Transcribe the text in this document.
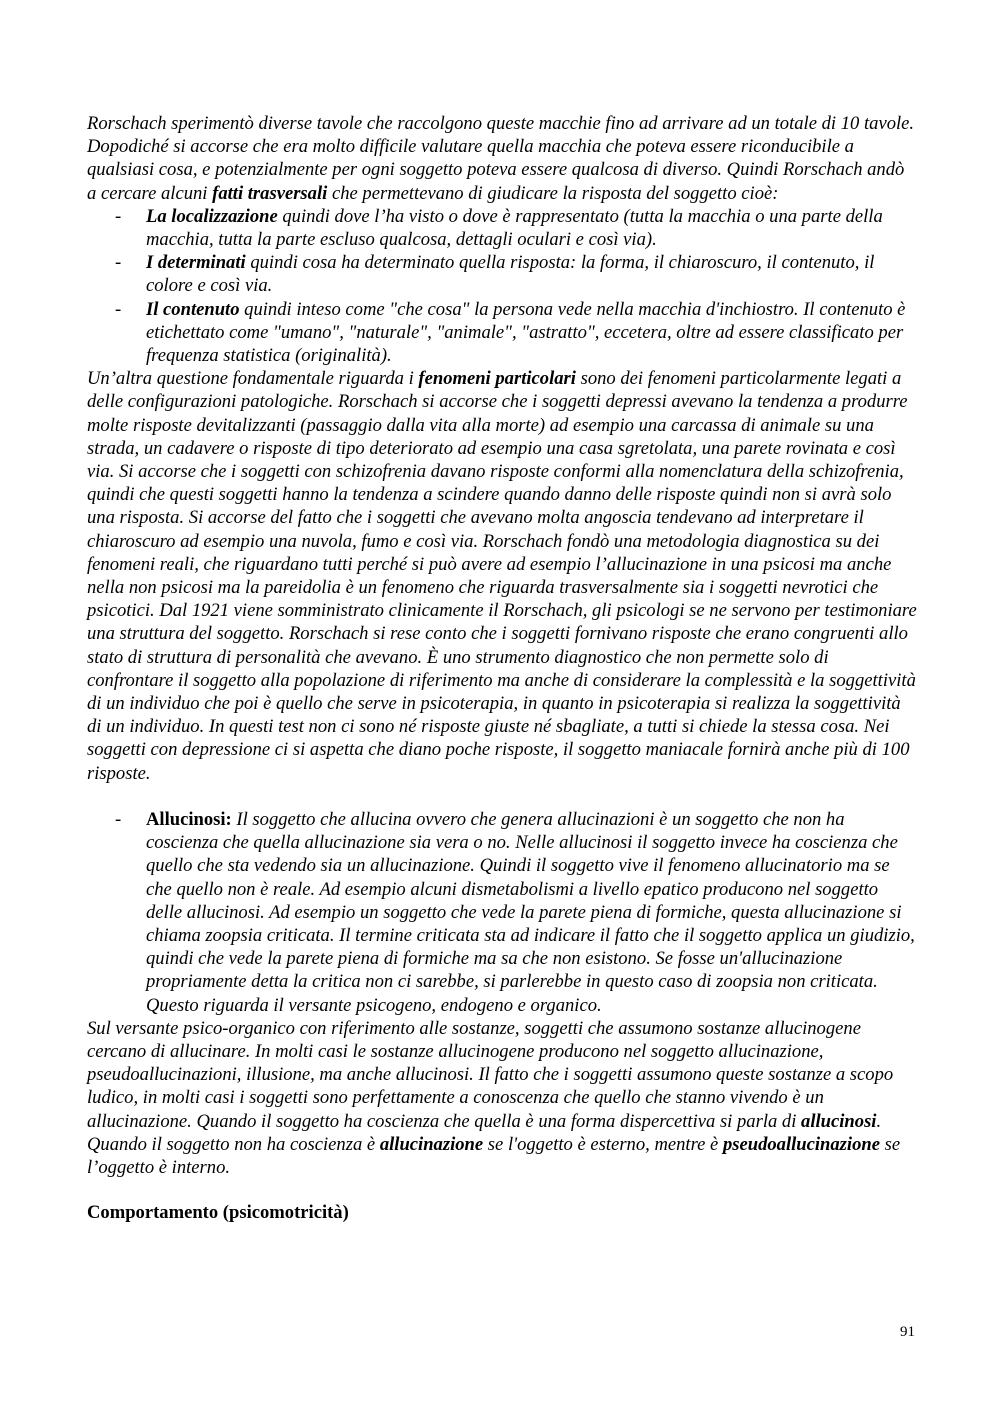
Rorschach sperimentò diverse tavole che raccolgono queste macchie fino ad arrivare ad un totale di 10 tavole. Dopodiché si accorse che era molto difficile valutare quella macchia che poteva essere riconducibile a qualsiasi cosa, e potenzialmente per ogni soggetto poteva essere qualcosa di diverso. Quindi Rorschach andò a cercare alcuni fatti trasversali che permettevano di giudicare la risposta del soggetto cioè:

- La localizzazione quindi dove l’ha visto o dove è rappresentato (tutta la macchia o una parte della macchia, tutta la parte escluso qualcosa, dettagli oculari e così via).
- I determinati quindi cosa ha determinato quella risposta: la forma, il chiaroscuro, il contenuto, il colore e così via.
- Il contenuto quindi inteso come "che cosa" la persona vede nella macchia d'inchiostro. Il contenuto è etichettato come "umano", "naturale", "animale", "astratto", eccetera, oltre ad essere classificato per frequenza statistica (originalità).

Un’altra questione fondamentale riguarda i fenomeni particolari sono dei fenomeni particolarmente legati a delle configurazioni patologiche. Rorschach si accorse che i soggetti depressi avevano la tendenza a produrre molte risposte devitalizzanti (passaggio dalla vita alla morte) ad esempio una carcassa di animale su una strada, un cadavere o risposte di tipo deteriorato ad esempio una casa sgretolata, una parete rovinata e così via. Si accorse che i soggetti con schizofrenia davano risposte conformi alla nomenclatura della schizofrenia, quindi che questi soggetti hanno la tendenza a scindere quando danno delle risposte quindi non si avrà solo una risposta. Si accorse del fatto che i soggetti che avevano molta angoscia tendevano ad interpretare il chiaroscuro ad esempio una nuvola, fumo e così via. Rorschach fondò una metodologia diagnostica su dei fenomeni reali, che riguardano tutti perché si può avere ad esempio l’allucinazione in una psicosi ma anche nella non psicosi ma la pareidolia è un fenomeno che riguarda trasversalmente sia i soggetti nevrotici che psicotici. Dal 1921 viene somministrato clinicamente il Rorschach, gli psicologi se ne servono per testimoniare una struttura del soggetto. Rorschach si rese conto che i soggetti fornivano risposte che erano congruenti allo stato di struttura di personalità che avevano. È uno strumento diagnostico che non permette solo di confrontare il soggetto alla popolazione di riferimento ma anche di considerare la complessità e la soggettività di un individuo che poi è quello che serve in psicoterapia, in quanto in psicoterapia si realizza la soggettività di un individuo. In questi test non ci sono né risposte giuste né sbagliate, a tutti si chiede la stessa cosa. Nei soggetti con depressione ci si aspetta che diano poche risposte, il soggetto maniacale fornirà anche più di 100 risposte.

- Allucinosi: Il soggetto che allucina ovvero che genera allucinazioni è un soggetto che non ha coscienza che quella allucinazione sia vera o no. Nelle allucinosi il soggetto invece ha coscienza che quello che sta vedendo sia un allucinazione. Quindi il soggetto vive il fenomeno allucinatorio ma se che quello non è reale. Ad esempio alcuni dismetabolismi a livello epatico producono nel soggetto delle allucinosi. Ad esempio un soggetto che vede la parete piena di formiche, questa allucinazione si chiama zoopsia criticata. Il termine criticata sta ad indicare il fatto che il soggetto applica un giudizio, quindi che vede la parete piena di formiche ma sa che non esistono. Se fosse un'allucinazione propriamente detta la critica non ci sarebbe, si parlerebbe in questo caso di zoopsia non criticata. Questo riguarda il versante psicogeno, endogeno e organico.

Sul versante psico-organico con riferimento alle sostanze, soggetti che assumono sostanze allucinogene cercano di allucinare. In molti casi le sostanze allucinogene producono nel soggetto allucinazione, pseudoallucinazioni, illusione, ma anche allucinosi. Il fatto che i soggetti assumono queste sostanze a scopo ludico, in molti casi i soggetti sono perfettamente a conoscenza che quello che stanno vivendo è un allucinazione. Quando il soggetto ha coscienza che quella è una forma dispercettiva si parla di allucinosi. Quando il soggetto non ha coscienza è allucinazione se l'oggetto è esterno, mentre è pseudoallucinazione se l’oggetto è interno.

Comportamento (psicomotricità)

91
